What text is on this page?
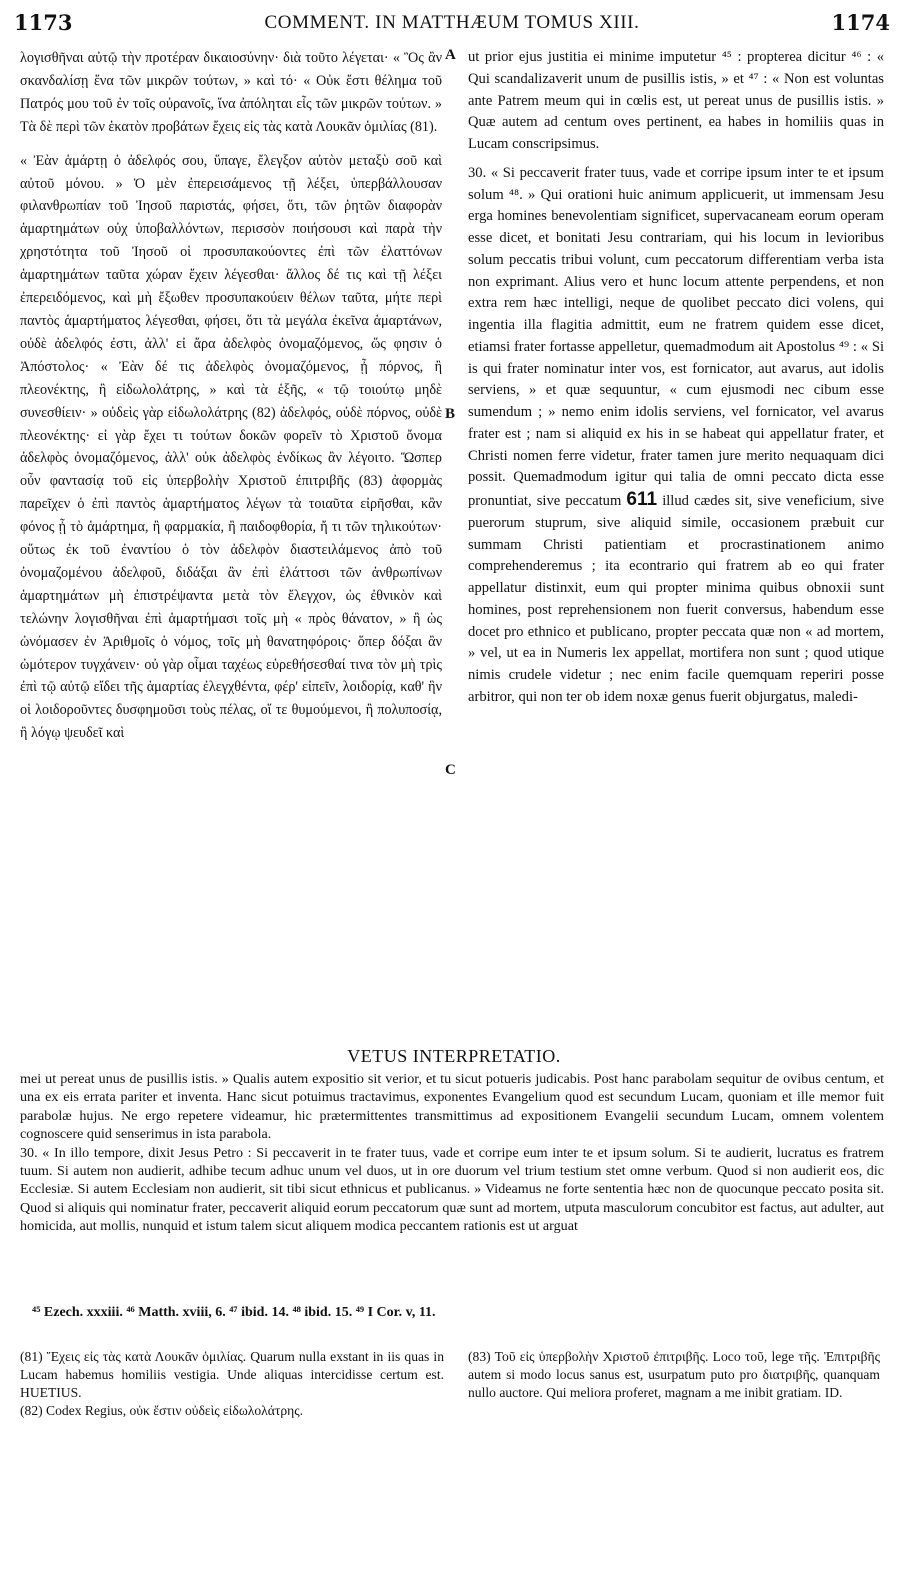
1173	COMMENT. IN MATTHÆUM TOMUS XIII.	1174

λογισθῆναι αὐτῷ τὴν προτέραν δικαιοσύνην· διὰ τοῦτο λέγεται· « Ὃς ἂν σκανδαλίσῃ ἕνα τῶν μικρῶν τούτων, » καὶ τό· « Οὐκ ἔστι θέλημα τοῦ Πατρός μου τοῦ ἐν τοῖς οὐρανοῖς, ἵνα ἀπόληται εἷς τῶν μικρῶν τούτων. » Τὰ δὲ περὶ τῶν ἑκατὸν προβάτων ἔχεις εἰς τὰς κατὰ Λουκᾶν ὁμιλίας (81).

« Ἐὰν ἁμάρτῃ ὁ ἀδελφός σου, ὕπαγε, ἔλεγξον αὐτὸν μεταξὺ σοῦ καὶ αὐτοῦ μόνου. » Ὁ μὲν ἐπερεισάμενος τῇ λέξει, ὑπερβάλλουσαν φιλανθρωπίαν τοῦ Ἰησοῦ παριστάς, φήσει, ὅτι, τῶν ῥητῶν διαφορὰν ἁμαρτημάτων οὐχ ὑποβαλλόντων, περισσὸν ποιήσουσι καὶ παρὰ τὴν χρηστότητα τοῦ Ἰησοῦ οἱ προσυπακούοντες ἐπὶ τῶν ἐλαττόνων ἁμαρτημάτων ταῦτα χώραν ἔχειν λέγεσθαι· ἄλλος δέ τις καὶ τῇ λέξει ἐπερειδόμενος, καὶ μὴ ἔξωθεν προσυπακούειν θέλων ταῦτα, μήτε περὶ παντὸς ἁμαρτήματος λέγεσθαι, φήσει, ὅτι τὰ μεγάλα ἐκεῖνα ἁμαρτάνων, οὐδὲ ἀδελφός ἐστι, ἀλλ' εἰ ἄρα ἀδελφὸς ὀνομαζόμενος, ὥς φησιν ὁ Ἀπόστολος· « Ἐὰν δέ τις ἀδελφὸς ὀνομαζόμενος, ᾖ πόρνος, ἢ πλεονέκτης, ἢ εἰδωλολάτρης, » καὶ τὰ ἑξῆς, « τῷ τοιούτῳ μηδὲ συνεσθίειν· » οὐδεὶς γὰρ εἰδωλολάτρης (82) ἀδελφός, οὐδὲ πόρνος, οὐδὲ πλεονέκτης· εἰ γὰρ ἔχει τι τούτων δοκῶν φορεῖν τὸ Χριστοῦ ὄνομα ἀδελφὸς ὀνομαζόμενος, ἀλλ' οὐκ ἀδελφὸς ἐνδίκως ἂν λέγοιτο. Ὥσπερ οὖν φαντασίᾳ τοῦ εἰς ὑπερβολὴν Χριστοῦ ἐπιτριβῆς (83) ἀφορμὰς παρεῖχεν ὁ ἐπὶ παντὸς ἁμαρτήματος λέγων τὰ τοιαῦτα εἰρῆσθαι, κἂν φόνος ᾖ τὸ ἁμάρτημα, ἢ φαρμακία, ἢ παιδοφθορία, ἤ τι τῶν τηλικούτων· οὕτως ἐκ τοῦ ἐναντίου ὁ τὸν ἀδελφὸν διαστειλάμενος ἀπὸ τοῦ ὀνομαζομένου ἀδελφοῦ, διδάξαι ἂν ἐπὶ ἐλάττοσι τῶν ἀνθρωπίνων ἁμαρτημάτων μὴ ἐπιστρέψαντα μετὰ τὸν ἔλεγχον, ὡς ἐθνικὸν καὶ τελώνην λογισθῆναι ἐπὶ ἁμαρτήμασι τοῖς μὴ « πρὸς θάνατον, » ἢ ὡς ὠνόμασεν ἐν Ἀριθμοῖς ὁ νόμος, τοῖς μὴ θανατηφόροις· ὅπερ δόξαι ἂν ὠμότερον τυγχάνειν· οὐ γὰρ οἶμαι ταχέως εὑρεθήσεσθαί τινα τὸν μὴ τρὶς ἐπὶ τῷ αὐτῷ εἴδει τῆς ἁμαρτίας ἐλεγχθέντα, φέρ' εἰπεῖν, λοιδορίᾳ, καθ' ἣν οἱ λοιδοροῦντες δυσφημοῦσι τοὺς πέλας, οἵ τε θυμούμενοι, ἢ πολυποσίᾳ, ἢ λόγῳ ψευδεῖ καὶ

A
B
C

ut prior ejus justitia ei minime imputetur ⁴⁵ : propterea dicitur ⁴⁶ : « Qui scandalizaverit unum de pusillis istis, » et ⁴⁷ : « Non est voluntas ante Patrem meum qui in cœlis est, ut pereat unus de pusillis istis. » Quæ autem ad centum oves pertinent, ea habes in homiliis quas in Lucam conscripsimus.

30. « Si peccaverit frater tuus, vade et corripe ipsum inter te et ipsum solum ⁴⁸. » Qui orationi huic animum applicuerit, ut immensam Jesu erga homines benevolentiam significet, supervacaneam eorum operam esse dicet, et bonitati Jesu contrariam, qui his locum in levioribus solum peccatis tribui volunt, cum peccatorum differentiam verba ista non exprimant. Alius vero et hunc locum attente perpendens, et non extra rem hæc intelligi, neque de quolibet peccato dici volens, qui ingentia illa flagitia admittit, eum ne fratrem quidem esse dicet, etiamsi frater fortasse appelletur, quemadmodum ait Apostolus ⁴⁹ : « Si is qui frater nominatur inter vos, est fornicator, aut avarus, aut idolis serviens, » et quæ sequuntur, « cum ejusmodi nec cibum esse sumendum ; » nemo enim idolis serviens, vel fornicator, vel avarus frater est ; nam si aliquid ex his in se habeat qui appellatur frater, et Christi nomen ferre videtur, frater tamen jure merito nequaquam dici possit. Quemadmodum igitur qui talia de omni peccato dicta esse pronuntiat, sive peccatum 611 illud cædes sit, sive veneficium, sive puerorum stuprum, sive aliquid simile, occasionem præbuit cur summam Christi patientiam et procrastinationem animo comprehenderemus ; ita econtrario qui fratrem ab eo qui frater appellatur distinxit, eum qui propter minima quibus obnoxii sunt homines, post reprehensionem non fuerit conversus, habendum esse docet pro ethnico et publicano, propter peccata quæ non « ad mortem, » vel, ut ea in Numeris lex appellat, mortifera non sunt ; quod utique nimis crudele videtur ; nec enim facile quemquam reperiri posse arbitror, qui non ter ob idem noxæ genus fuerit objurgatus, maledi-

VETUS INTERPRETATIO.

mei ut pereat unus de pusillis istis. » Qualis autem expositio sit verior, et tu sicut potueris judicabis. Post hanc parabolam sequitur de ovibus centum, et una ex eis errata pariter et inventa. Hanc sicut potuimus tractavimus, exponentes Evangelium quod est secundum Lucam, quoniam et ille memor fuit parabolæ hujus. Ne ergo repetere videamur, hic prætermittentes transmittimus ad expositionem Evangelii secundum Lucam, omnem volentem cognoscere quid senserimus in ista parabola.

30. « In illo tempore, dixit Jesus Petro : Si peccaverit in te frater tuus, vade et corripe eum inter te et ipsum solum. Si te audierit, lucratus es fratrem tuum. Si autem non audierit, adhibe tecum adhuc unum vel duos, ut in ore duorum vel trium testium stet omne verbum. Quod si non audierit eos, dic Ecclesiæ. Si autem Ecclesiam non audierit, sit tibi sicut ethnicus et publicanus. » Videamus ne forte sententia hæc non de quocunque peccato posita sit. Quod si aliquis qui nominatur frater, peccaverit aliquid eorum peccatorum quæ sunt ad mortem, utputa masculorum concubitor est factus, aut adulter, aut homicida, aut mollis, nunquid et istum talem sicut aliquem modica peccantem rationis est ut arguat

⁴⁵ Ezech. xxxiii. ⁴⁶ Matth. xviii, 6. ⁴⁷ ibid. 14. ⁴⁸ ibid. 15. ⁴⁹ I Cor. v, 11.

(81) Ἔχεις εἰς τὰς κατὰ Λουκᾶν ὁμιλίας. Quarum nulla exstant in iis quas in Lucam habemus homiliis vestigia. Unde aliquas intercidisse certum est. HUETIUS.

(82) Codex Regius, οὐκ ἔστιν οὐδεὶς εἰδωλολάτρης.

(83) Τοῦ εἰς ὑπερβολὴν Χριστοῦ ἐπιτριβῆς. Loco τοῦ, lege τῆς. Ἐπιτριβῆς autem si modo locus sanus est, usurpatum puto pro διατριβῆς, quanquam nullo auctore. Qui meliora proferet, magnam a me inibit gratiam. ID.
